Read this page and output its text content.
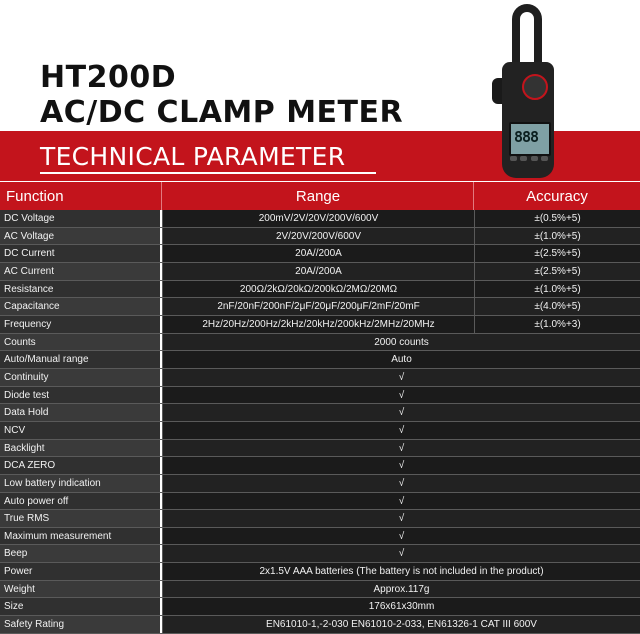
HT200D
AC/DC CLAMP METER
TECHNICAL PARAMETER
888
Function	Range	Accuracy
DC Voltage	200mV/2V/20V/200V/600V	±(0.5%+5)
AC Voltage	2V/20V/200V/600V	±(1.0%+5)
DC Current	20A//200A	±(2.5%+5)
AC Current	20A//200A	±(2.5%+5)
Resistance	200Ω/2kΩ/20kΩ/200kΩ/2MΩ/20MΩ	±(1.0%+5)
Capacitance	2nF/20nF/200nF/2μF/20μF/200μF/2mF/20mF	±(4.0%+5)
Frequency	2Hz/20Hz/200Hz/2kHz/20kHz/200kHz/2MHz/20MHz	±(1.0%+3)
Counts	2000 counts
Auto/Manual range	Auto
Continuity	√
Diode test	√
Data Hold	√
NCV	√
Backlight	√
DCA ZERO	√
Low battery indication	√
Auto power off	√
True RMS	√
Maximum measurement	√
Beep	√
Power	2x1.5V AAA batteries (The battery is not included in the product)
Weight	Approx.117g
Size	176x61x30mm
Safety Rating	EN61010-1,-2-030 EN61010-2-033, EN61326-1 CAT III 600V
